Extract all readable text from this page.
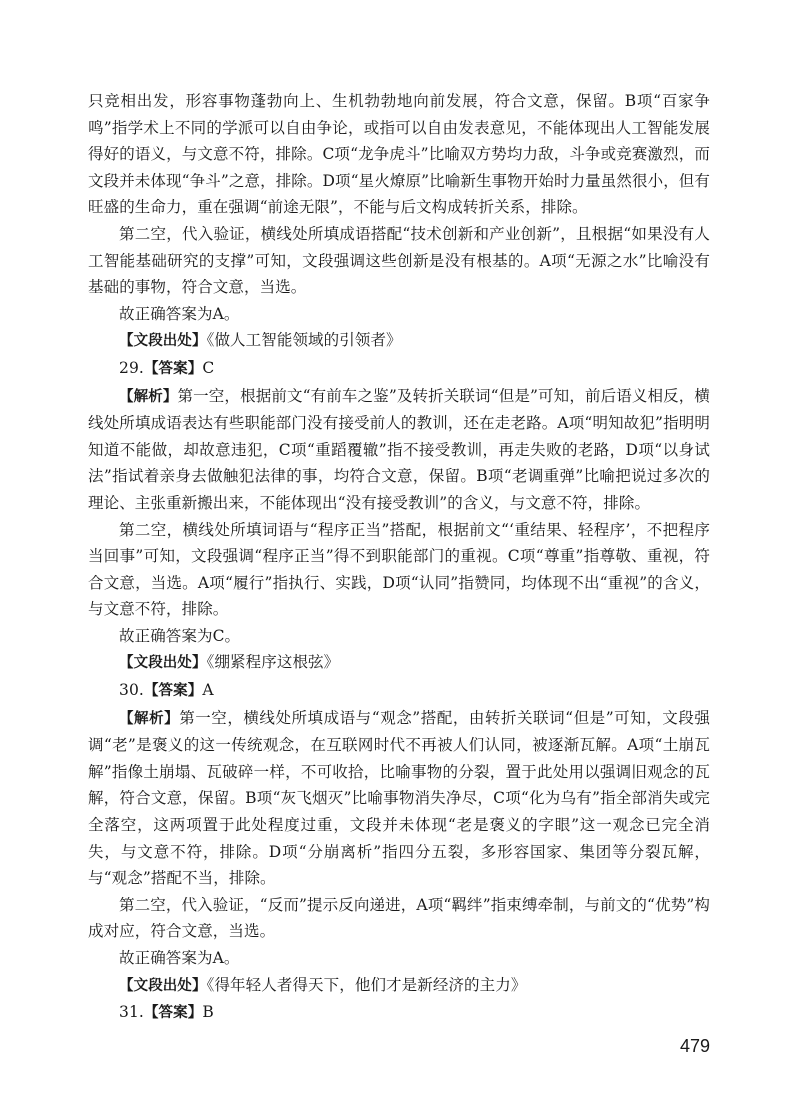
只竞相出发，形容事物蓬勃向上、生机勃勃地向前发展，符合文意，保留。B项“百家争鸣”指学术上不同的学派可以自由争论，或指可以自由发表意见，不能体现出人工智能发展得好的语义，与文意不符，排除。C项“龙争虎斗”比喻双方势均力敌，斗争或竞赛激烈，而文段并未体现“争斗”之意，排除。D项“星火燎原”比喻新生事物开始时力量虽然很小，但有旺盛的生命力，重在强调“前途无限”，不能与后文构成转折关系，排除。

第二空，代入验证，横线处所填成语搭配“技术创新和产业创新”，且根据“如果没有人工智能基础研究的支撑”可知，文段强调这些创新是没有根基的。A项“无源之水”比喻没有基础的事物，符合文意，当选。

故正确答案为A。

【文段出处】《做人工智能领域的引领者》

29.【答案】C

【解析】第一空，根据前文“有前车之鉴”及转折关联词“但是”可知，前后语义相反，横线处所填成语表达有些职能部门没有接受前人的教训，还在走老路。A项“明知故犯”指明明知道不能做，却故意违犯，C项“重蹈覆辙”指不接受教训，再走失败的老路，D项“以身试法”指试着亲身去做触犯法律的事，均符合文意，保留。B项“老调重弹”比喻把说过多次的理论、主张重新搬出来，不能体现出“没有接受教训”的含义，与文意不符，排除。

第二空，横线处所填词语与“程序正当”搭配，根据前文“‘重结果、轻程序’，不把程序当回事”可知，文段强调“程序正当”得不到职能部门的重视。C项“尊重”指尊敬、重视，符合文意，当选。A项“履行”指执行、实践，D项“认同”指赞同，均体现不出“重视”的含义，与文意不符，排除。

故正确答案为C。

【文段出处】《绷紧程序这根弦》

30.【答案】A

【解析】第一空，横线处所填成语与“观念”搭配，由转折关联词“但是”可知，文段强调“老”是褒义的这一传统观念，在互联网时代不再被人们认同，被逐渐瓦解。A项“土崩瓦解”指像土崩塌、瓦破碎一样，不可收拾，比喻事物的分裂，置于此处用以强调旧观念的瓦解，符合文意，保留。B项“灰飞烟灭”比喻事物消失净尽，C项“化为乌有”指全部消失或完全落空，这两项置于此处程度过重，文段并未体现“老是褒义的字眼”这一观念已完全消失，与文意不符，排除。D项“分崩离析”指四分五裂，多形容国家、集团等分裂瓦解，与“观念”搭配不当，排除。

第二空，代入验证，“反而”提示反向递进，A项“羁绊”指束缚牵制，与前文的“优势”构成对应，符合文意，当选。

故正确答案为A。

【文段出处】《得年轻人者得天下，他们才是新经济的主力》

31.【答案】B

479
